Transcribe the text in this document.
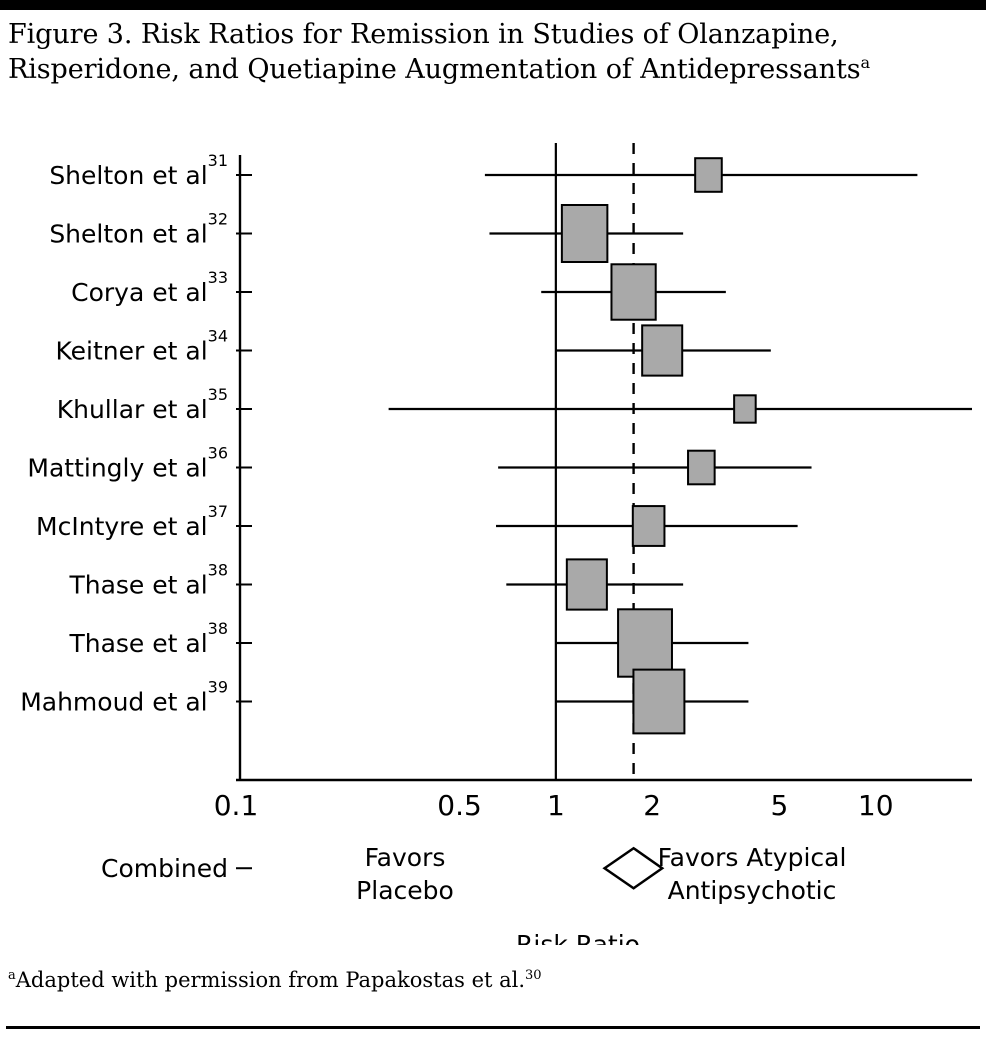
Figure 3. Risk Ratios for Remission in Studies of Olanzapine,
Risperidone, and Quetiapine Augmentation of Antidepressants$^a$
Shelton et $al^{31}$
Shelton et $al^{32}$
Corya et $al^{33}$
Keitner et $al^{34}$
Khullar et $al^{35}$
Mattingly et $al^{36}$
McIntyre et $al^{37}$
Thase et $al^{38}$
Thase et $al^{38}$
Mahmoud et $al^{39}$
Combined
0.1	0.5 1	2	5 10
Favors
Placebo
Favors Atypical
Antipsychotic
Risk Ratio
$^a$Adapted with permission from Papakostas et al.$^{30}$
